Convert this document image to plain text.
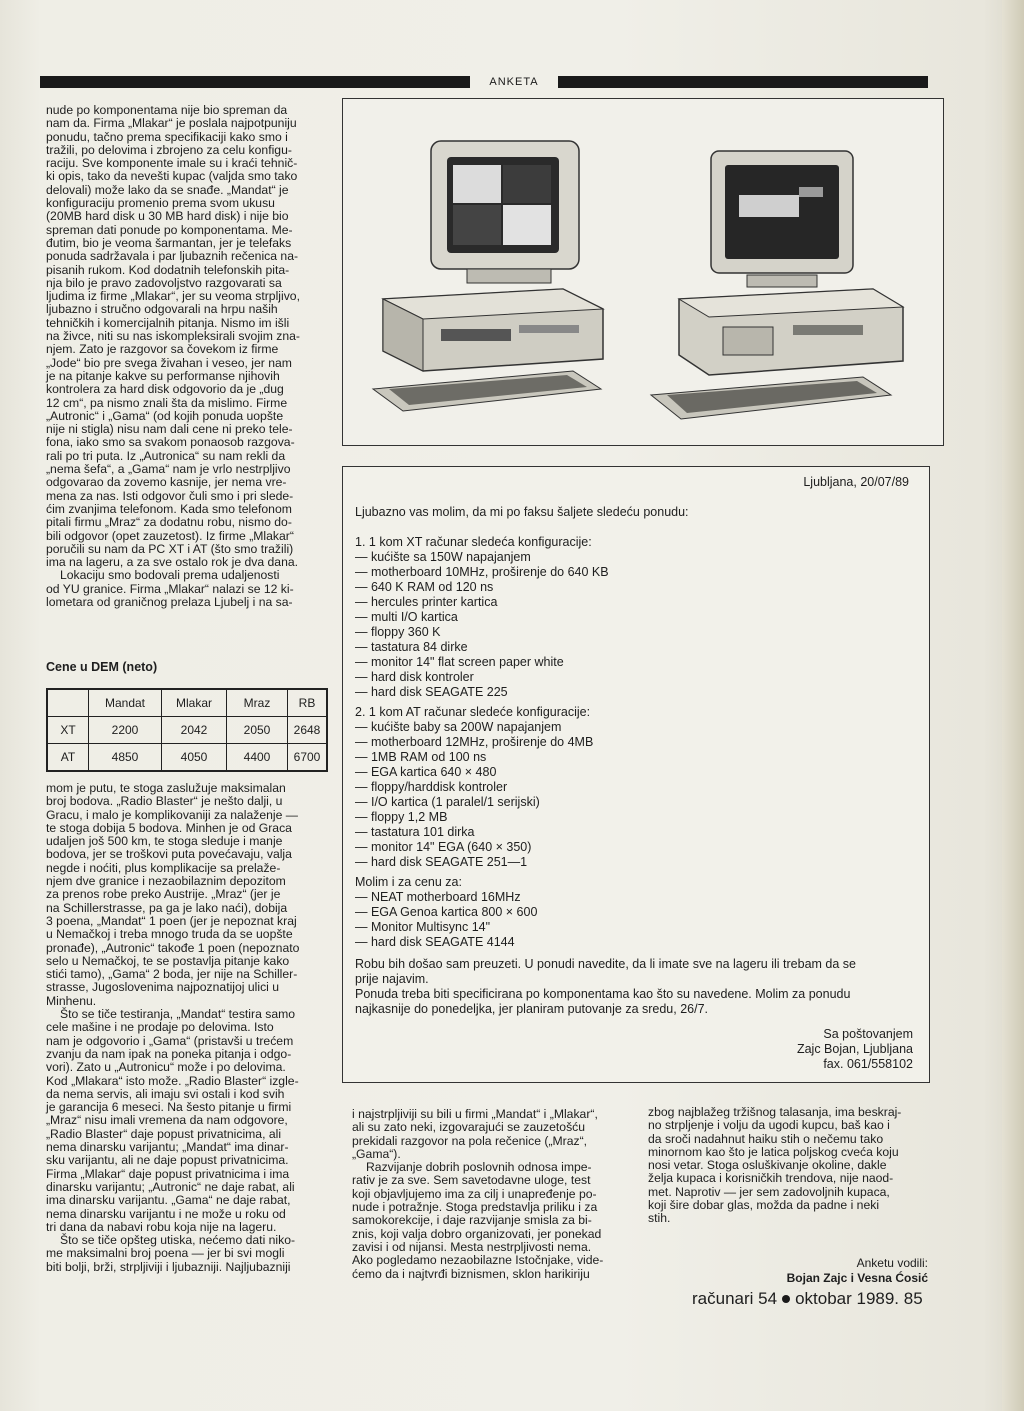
ANKETA

nude po komponentama nije bio spreman da
nam da. Firma „Mlakar“ je poslala najpotpuniju
ponudu, tačno prema specifikaciji kako smo i
tražili, po delovima i zbrojeno za celu konfigu-
raciju. Sve komponente imale su i kraći tehnič-
ki opis, tako da nevešti kupac (valjda smo tako
delovali) može lako da se snađe. „Mandat“ je
konfiguraciju promenio prema svom ukusu
(20MB hard disk u 30 MB hard disk) i nije bio
spreman dati ponude po komponentama. Me-
đutim, bio je veoma šarmantan, jer je telefaks
ponuda sadržavala i par ljubaznih rečenica na-
pisanih rukom. Kod dodatnih telefonskih pita-
nja bilo je pravo zadovoljstvo razgovarati sa
ljudima iz firme „Mlakar“, jer su veoma strpljivo,
ljubazno i stručno odgovarali na hrpu naših
tehničkih i komercijalnih pitanja. Nismo im išli
na živce, niti su nas iskompleksirali svojim zna-
njem. Zato je razgovor sa čovekom iz firme
„Jode“ bio pre svega živahan i veseo, jer nam
je na pitanje kakve su performanse njihovih
kontrolera za hard disk odgovorio da je „dug
12 cm“, pa nismo znali šta da mislimo. Firme
„Autronic“ i „Gama“ (od kojih ponuda uopšte
nije ni stigla) nisu nam dali cene ni preko tele-
fona, iako smo sa svakom ponaosob razgova-
rali po tri puta. Iz „Autronica“ su nam rekli da
„nema šefa“, a „Gama“ nam je vrlo nestrpljivo
odgovarao da zovemo kasnije, jer nema vre-
mena za nas. Isti odgovor čuli smo i pri slede-
ćim zvanjima telefonom. Kada smo telefonom
pitali firmu „Mraz“ za dodatnu robu, nismo do-
bili odgovor (opet zauzetost). Iz firme „Mlakar“
poručili su nam da PC XT i AT (što smo tražili)
ima na lageru, a za sve ostalo rok je dva dana.

Lokaciju smo bodovali prema udaljenosti
od YU granice. Firma „Mlakar“ nalazi se 12 ki-
lometara od graničnog prelaza Ljubelj i na sa-

Cene u DEM (neto)
	Mandat	Mlakar	Mraz	RB
XT	2200	2042	2050	2648
AT	4850	4050	4400	6700

mom je putu, te stoga zaslužuje maksimalan
broj bodova. „Radio Blaster“ je nešto dalji, u
Gracu, i malo je komplikovaniji za nalaženje —
te stoga dobija 5 bodova. Minhen je od Graca
udaljen još 500 km, te stoga sleduje i manje
bodova, jer se troškovi puta povećavaju, valja
negde i noćiti, plus komplikacije sa prelaže-
njem dve granice i nezaobilaznim depozitom
za prenos robe preko Austrije. „Mraz“ (jer je
na Schillerstrasse, pa ga je lako naći), dobija
3 poena, „Mandat“ 1 poen (jer je nepoznat kraj
u Nemačkoj i treba mnogo truda da se uopšte
pronađe), „Autronic“ takođe 1 poen (nepoznato
selo u Nemačkoj, te se postavlja pitanje kako
stići tamo), „Gama“ 2 boda, jer nije na Schiller-
strasse, Jugoslovenima najpoznatijoj ulici u
Minhenu.

Što se tiče testiranja, „Mandat“ testira samo
cele mašine i ne prodaje po delovima. Isto
nam je odgovorio i „Gama“ (pristavši u trećem
zvanju da nam ipak na poneka pitanja i odgo-
vori). Zato u „Autronicu“ može i po delovima.
Kod „Mlakara“ isto može. „Radio Blaster“ izgle-
da nema servis, ali imaju svi ostali i kod svih
je garancija 6 meseci. Na šesto pitanje u firmi
„Mraz“ nisu imali vremena da nam odgovore,
„Radio Blaster“ daje popust privatnicima, ali
nema dinarsku varijantu; „Mandat“ ima dinar-
sku varijantu, ali ne daje popust privatnicima.
Firma „Mlakar“ daje popust privatnicima i ima
dinarsku varijantu; „Autronic“ ne daje rabat, ali
ima dinarsku varijantu. „Gama“ ne daje rabat,
nema dinarsku varijantu i ne može u roku od
tri dana da nabavi robu koja nije na lageru.

Što se tiče opšteg utiska, nećemo dati niko-
me maksimalni broj poena — jer bi svi mogli
biti bolji, brži, strpljiviji i ljubazniji. Najljubazniji

Ljubljana, 20/07/89
Ljubazno vas molim, da mi po faksu šaljete sledeću ponudu:
1. 1 kom XT računar sledeća konfiguracije:
— kućište sa 150W napajanjem
— motherboard 10MHz, proširenje do 640 KB
— 640 K RAM od 120 ns
— hercules printer kartica
— multi I/O kartica
— floppy 360 K
— tastatura 84 dirke
— monitor 14" flat screen paper white
— hard disk kontroler
— hard disk SEAGATE 225
2. 1 kom AT računar sledeće konfiguracije:
— kućište baby sa 200W napajanjem
— motherboard 12MHz, proširenje do 4MB
— 1MB RAM od 100 ns
— EGA kartica 640 × 480
— floppy/harddisk kontroler
— I/O kartica (1 paralel/1 serijski)
— floppy 1,2 MB
— tastatura 101 dirka
— monitor 14" EGA (640 × 350)
— hard disk SEAGATE 251—1
Molim i za cenu za:
— NEAT motherboard 16MHz
— EGA Genoa kartica 800 × 600
— Monitor Multisync 14"
— hard disk SEAGATE 4144
Robu bih došao sam preuzeti. U ponudi navedite, da li imate sve na lageru ili trebam da se
prije najavim.
Ponuda treba biti specificirana po komponentama kao što su navedene. Molim za ponudu
najkasnije do ponedeljka, jer planiram putovanje za sredu, 26/7.
Sa poštovanjem
Zajc Bojan, Ljubljana
fax. 061/558102

i najstrpljiviji su bili u firmi „Mandat“ i „Mlakar“,
ali su zato neki, izgovarajući se zauzetošću
prekidali razgovor na pola rečenice („Mraz“,
„Gama“).

Razvijanje dobrih poslovnih odnosa impe-
rativ je za sve. Sem savetodavne uloge, test
koji objavljujemo ima za cilj i unapređenje po-
nude i potražnje. Stoga predstavlja priliku i za
samokorekcije, i daje razvijanje smisla za bi-
znis, koji valja dobro organizovati, jer ponekad
zavisi i od nijansi. Mesta nestrpljivosti nema.
Ako pogledamo nezaobilazne Istočnjake, vide-
ćemo da i najtvrđi biznismen, sklon harikiriju

zbog najblažeg tržišnog talasanja, ima beskraj-
no strpljenje i volju da ugodi kupcu, baš kao i
da sroči nadahnut haiku stih o nečemu tako
minornom kao što je latica poljskog cveća koju
nosi vetar. Stoga osluškivanje okoline, dakle
želja kupaca i korisničkih trendova, nije naod-
met. Naprotiv — jer sem zadovoljnih kupaca,
koji šire dobar glas, možda da padne i neki
stih.

Anketu vodili:
Bojan Zajc i Vesna Ćosić
računari 54 oktobar 1989. 85
